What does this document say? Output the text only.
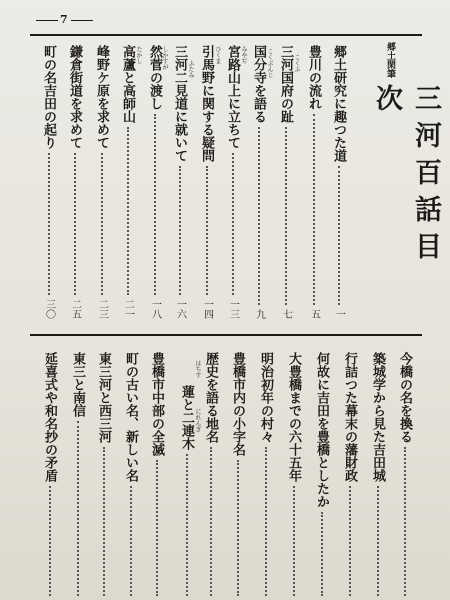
7
郷土
閑筆
三河百話目次
郷土研究に趣つた道
一
豊川の流れ
五
三河国府の趾
七
国分寺を語る
九
宮路山上に立ちて
一三
引馬野に関する疑問
一四
三河二見道に就いて
一六
然菅の渡し
一八
高蘆と高師山
二一
峰野ケ原を求めて
二三
鎌倉街道を求めて
二五
町の名吉田の起り
三〇
こくふ
こくぶんじ
みやぢ
ひくま
ふたみ
しかすが
たかし
今橋の名を換る
築城学から見た吉田城
行詰つた幕末の藩財政
何故に吉田を豊橋としたか
大豊橋までの六十五年
明治初年の村々
豊橋市内の小字名
歴史を語る地名
蓮と二連木
豊橋市中部の全滅
町の古い名、新しい名
東三河と西三河
東三と南信
延喜式や和名抄の矛盾	はちす
にれんぎ
